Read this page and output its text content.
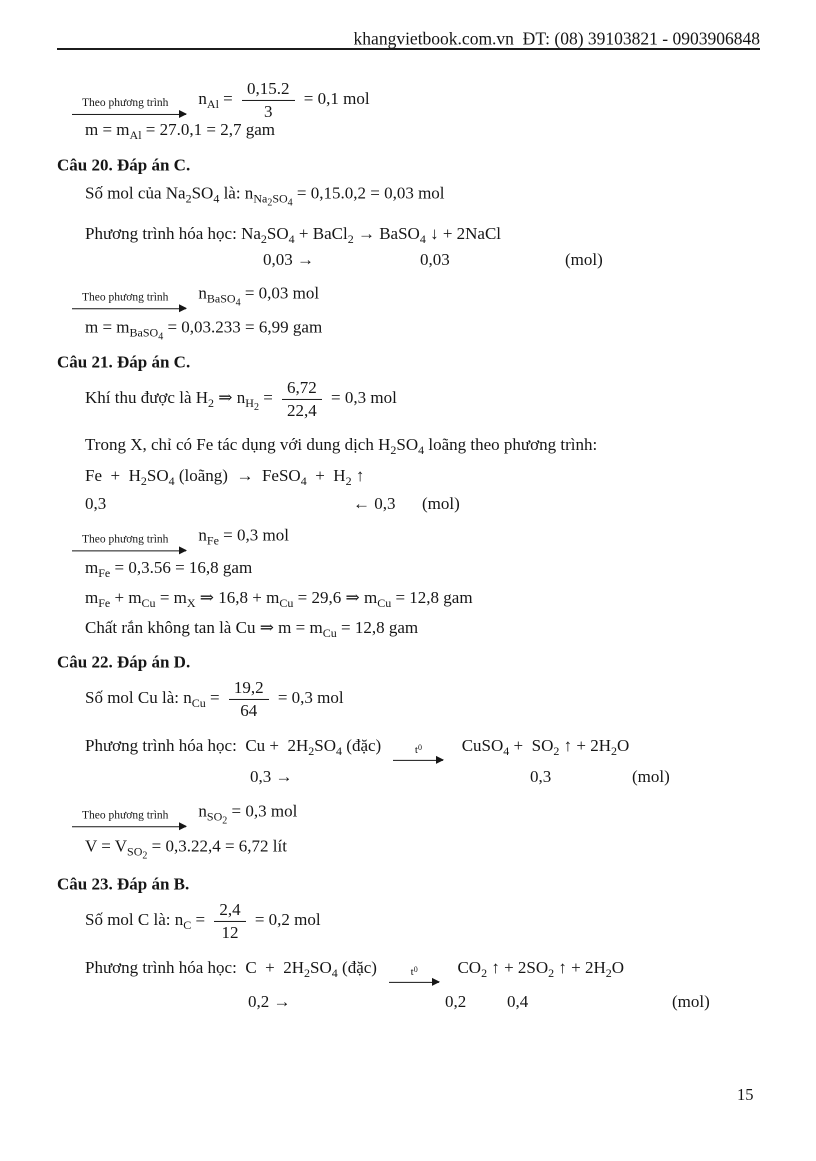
khangvietbook.com.vn  ĐT: (08) 39103821 - 0903906848
Theo phương trình $n_{Al} = \frac{0,15.2}{3} = 0,1$ mol
$m = m_{Al} = 27.0,1 = 2,7$ gam
Câu 20. Đáp án C.
Số mol của $Na_2SO_4$ là: $n_{Na2SO4} = 0,15.0,2 = 0,03$ mol
Phương trình hóa học: $Na_2SO_4$ + BaCl$_2$ → BaSO$_4$ ↓ + 2NaCl
0,03 →	0,03	(mol)
Theo phương trình $n_{BaSO4} = 0,03$ mol
$m = m_{BaSO4} = 0,03.233 = 6,99$ gam
Câu 21. Đáp án C.
Khí thu được là $H_2$ ⇒ $n_{H2} = \frac{6,72}{22,4} = 0,3$ mol
Trong X, chỉ có Fe tác dụng với dung dịch $H_2SO_4$ loãng theo phương trình:
$Fe + H_2SO_4$ (loãng)  →  FeSO$_4$  +  $H_2$ ↑
0,3	← 0,3 (mol)
Theo phương trình $n_{Fe} = 0,3$ mol
$m_{Fe} = 0,3.56 = 16,8$ gam
$m_{Fe} + m_{Cu} = m_X$ ⇒ $16,8 + m_{Cu} = 29,6$ ⇒ $m_{Cu} = 12,8$ gam
Chất rắn không tan là Cu ⇒ $m = m_{Cu} = 12,8$ gam
Câu 22. Đáp án D.
Số mol Cu là: $n_{Cu} = \frac{19,2}{64} = 0,3$ mol
Phương trình hóa học:  $Cu + 2H_2SO_4$ (đặc)	$t^0$ CuSO$_4$ +  $SO_2$ ↑ + $2H_2O$
0,3 →	0,3	(mol)
Theo phương trình $n_{SO2} = 0,3$ mol
$V = V_{SO2} = 0,3.22,4 = 6,72$ lít
Câu 23. Đáp án B.
Số mol C là: $n_C = \frac{2,4}{12} = 0,2$ mol
Phương trình hóa học:  $C + 2H_2SO_4$ (đặc)	$t^0$ $CO_2$ ↑ + $2SO_2$ ↑ + $2H_2O$
0,2 →	0,2 0,4	(mol)
15
